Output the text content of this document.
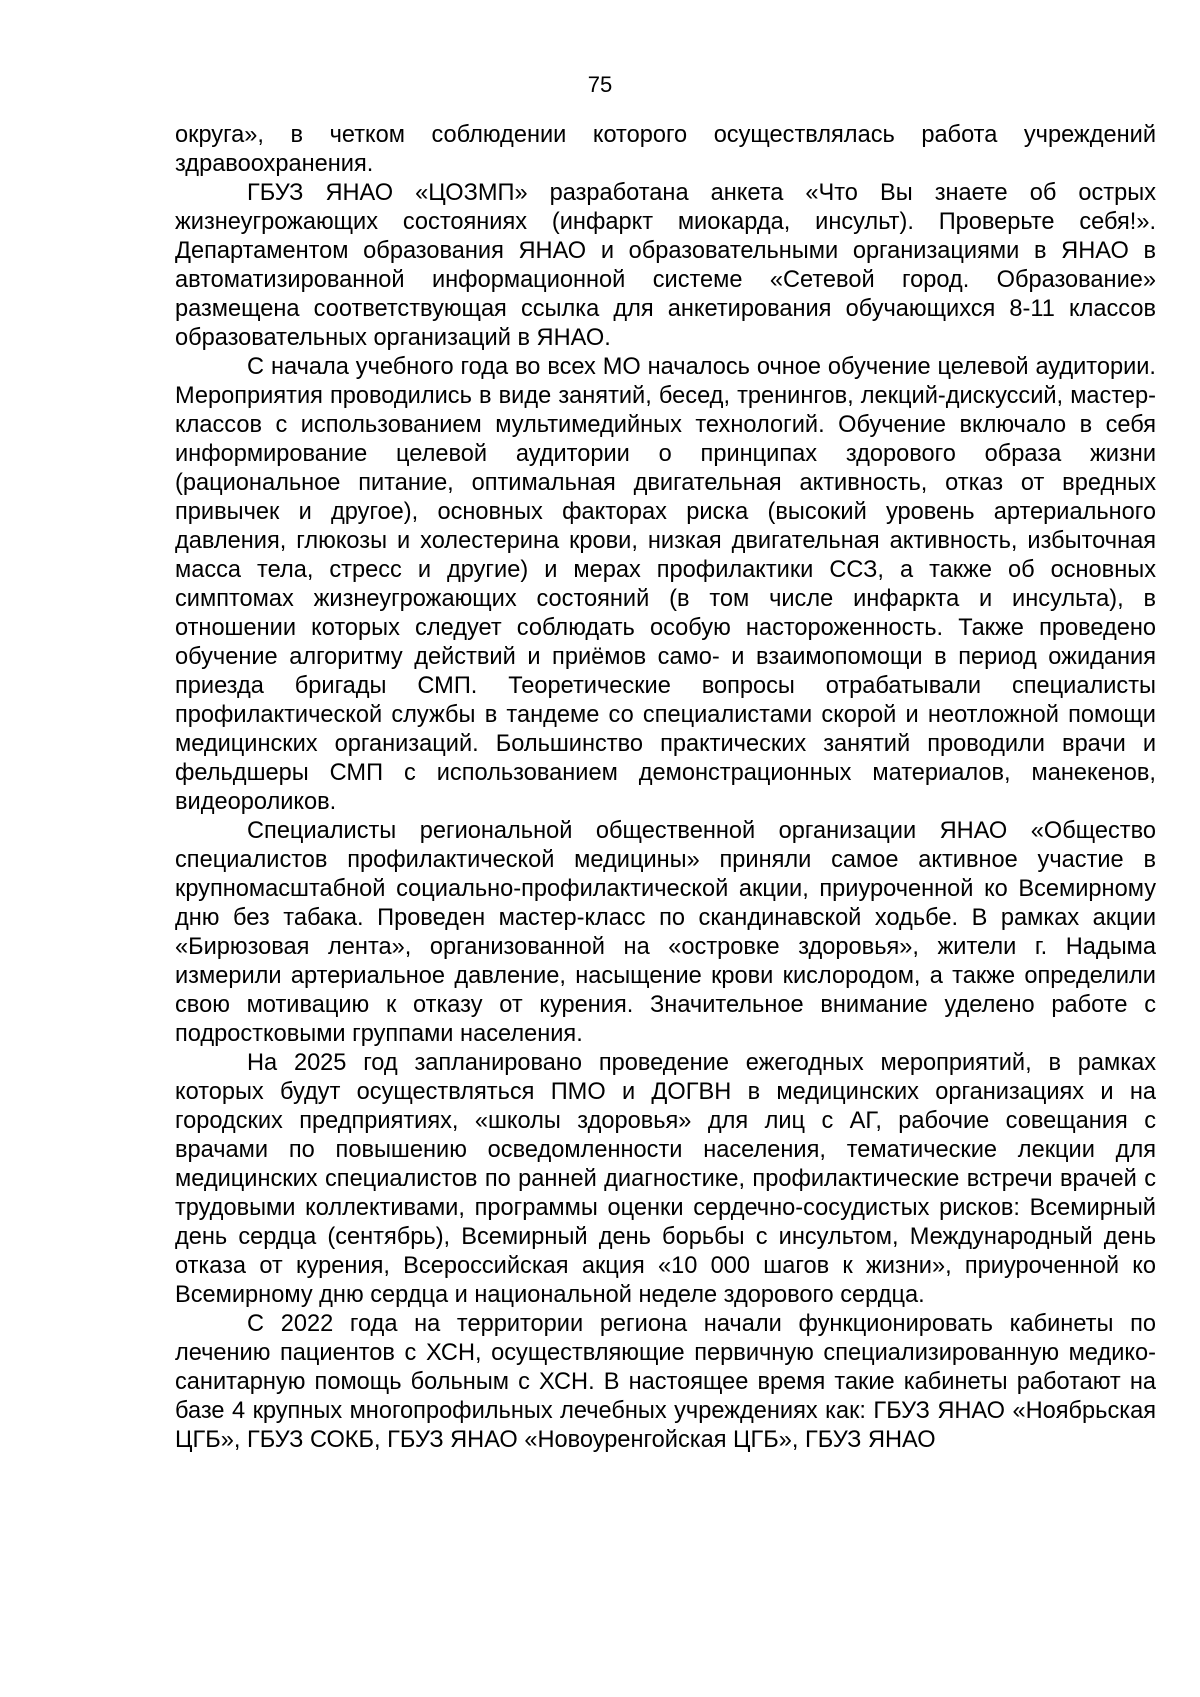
75

округа», в четком соблюдении которого осуществлялась работа учреждений здравоохранения.

ГБУЗ ЯНАО «ЦОЗМП» разработана анкета «Что Вы знаете об острых жизнеугрожающих состояниях (инфаркт миокарда, инсульт). Проверьте себя!». Департаментом образования ЯНАО и образовательными организациями в ЯНАО в автоматизированной информационной системе «Сетевой город. Образование» размещена соответствующая ссылка для анкетирования обучающихся 8-11 классов образовательных организаций в ЯНАО.

С начала учебного года во всех МО началось очное обучение целевой аудитории. Мероприятия проводились в виде занятий, бесед, тренингов, лекций-дискуссий, мастер-классов с использованием мультимедийных технологий. Обучение включало в себя информирование целевой аудитории о принципах здорового образа жизни (рациональное питание, оптимальная двигательная активность, отказ от вредных привычек и другое), основных факторах риска (высокий уровень артериального давления, глюкозы и холестерина крови, низкая двигательная активность, избыточная масса тела, стресс и другие) и мерах профилактики ССЗ, а также об основных симптомах жизнеугрожающих состояний (в том числе инфаркта и инсульта), в отношении которых следует соблюдать особую настороженность. Также проведено обучение алгоритму действий и приёмов само- и взаимопомощи в период ожидания приезда бригады СМП. Теоретические вопросы отрабатывали специалисты профилактической службы в тандеме со специалистами скорой и неотложной помощи медицинских организаций. Большинство практических занятий проводили врачи и фельдшеры СМП с использованием демонстрационных материалов, манекенов, видеороликов.

Специалисты региональной общественной организации ЯНАО «Общество специалистов профилактической медицины» приняли самое активное участие в крупномасштабной социально-профилактической акции, приуроченной ко Всемирному дню без табака. Проведен мастер-класс по скандинавской ходьбе. В рамках акции «Бирюзовая лента», организованной на «островке здоровья», жители г. Надыма измерили артериальное давление, насыщение крови кислородом, а также определили свою мотивацию к отказу от курения. Значительное внимание уделено работе с подростковыми группами населения.

На 2025 год запланировано проведение ежегодных мероприятий, в рамках которых будут осуществляться ПМО и ДОГВН в медицинских организациях и на городских предприятиях, «школы здоровья» для лиц с АГ, рабочие совещания с врачами по повышению осведомленности населения, тематические лекции для медицинских специалистов по ранней диагностике, профилактические встречи врачей с трудовыми коллективами, программы оценки сердечно-сосудистых рисков: Всемирный день сердца (сентябрь), Всемирный день борьбы с инсультом, Международный день отказа от курения, Всероссийская акция «10 000 шагов к жизни», приуроченной ко Всемирному дню сердца и национальной неделе здорового сердца.

С 2022 года на территории региона начали функционировать кабинеты по лечению пациентов с ХСН, осуществляющие первичную специализированную медико-санитарную помощь больным с ХСН. В настоящее время такие кабинеты работают на базе 4 крупных многопрофильных лечебных учреждениях как: ГБУЗ ЯНАО «Ноябрьская ЦГБ», ГБУЗ СОКБ, ГБУЗ ЯНАО «Новоуренгойская ЦГБ», ГБУЗ ЯНАО
